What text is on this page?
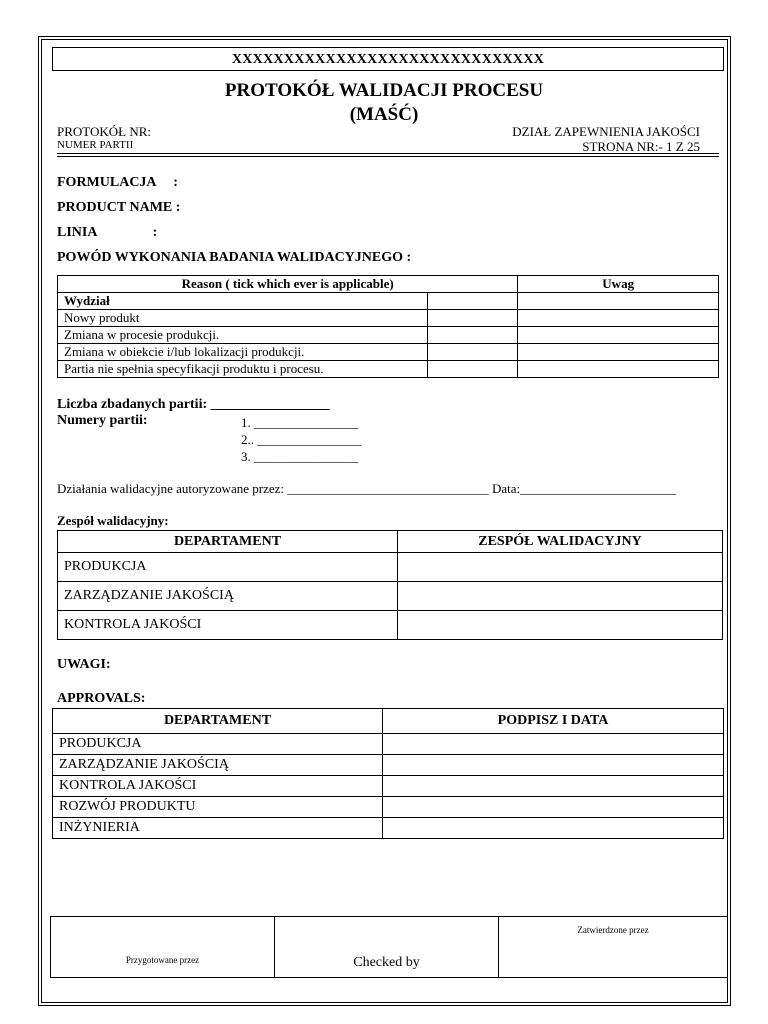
XXXXXXXXXXXXXXXXXXXXXXXXXXXXXX
PROTOKÓŁ WALIDACJI PROCESU
(MAŚĆ)
PROTOKÓŁ NR:
NUMER PARTII
DZIAŁ ZAPEWNIENIA JAKOŚCI
STRONA NR:- 1 Z 25
FORMULACJA     :
PRODUCT NAME :
LINIA                :
POWÓD WYKONANIA BADANIA WALIDACYJNEGO :
Reason ( tick which ever is applicable)		Uwag
Wydział		
Nowy produkt		
Zmiana w procesie produkcji.		
Zmiana w obiekcie i/lub lokalizacji produkcji.		
Partia nie spełnia specyfikacji produktu i procesu.		
Liczba zbadanych partii: _________________
Numery partii:	1. ________________
2.. ________________
3. ________________
Działania walidacyjne autoryzowane przez: _______________________________ Data:________________________
Zespół walidacyjny:
DEPARTAMENT	ZESPÓŁ WALIDACYJNY
PRODUKCJA	
ZARZĄDZANIE JAKOŚCIĄ	
KONTROLA JAKOŚCI	
UWAGI:
APPROVALS:
DEPARTAMENT	PODPISZ I DATA
PRODUKCJA	
ZARZĄDZANIE JAKOŚCIĄ	
KONTROLA JAKOŚCI	
ROZWÓJ PRODUKTU	
INŻYNIERIA	
Przygotowane przez	Checked by	Zatwierdzone przez
